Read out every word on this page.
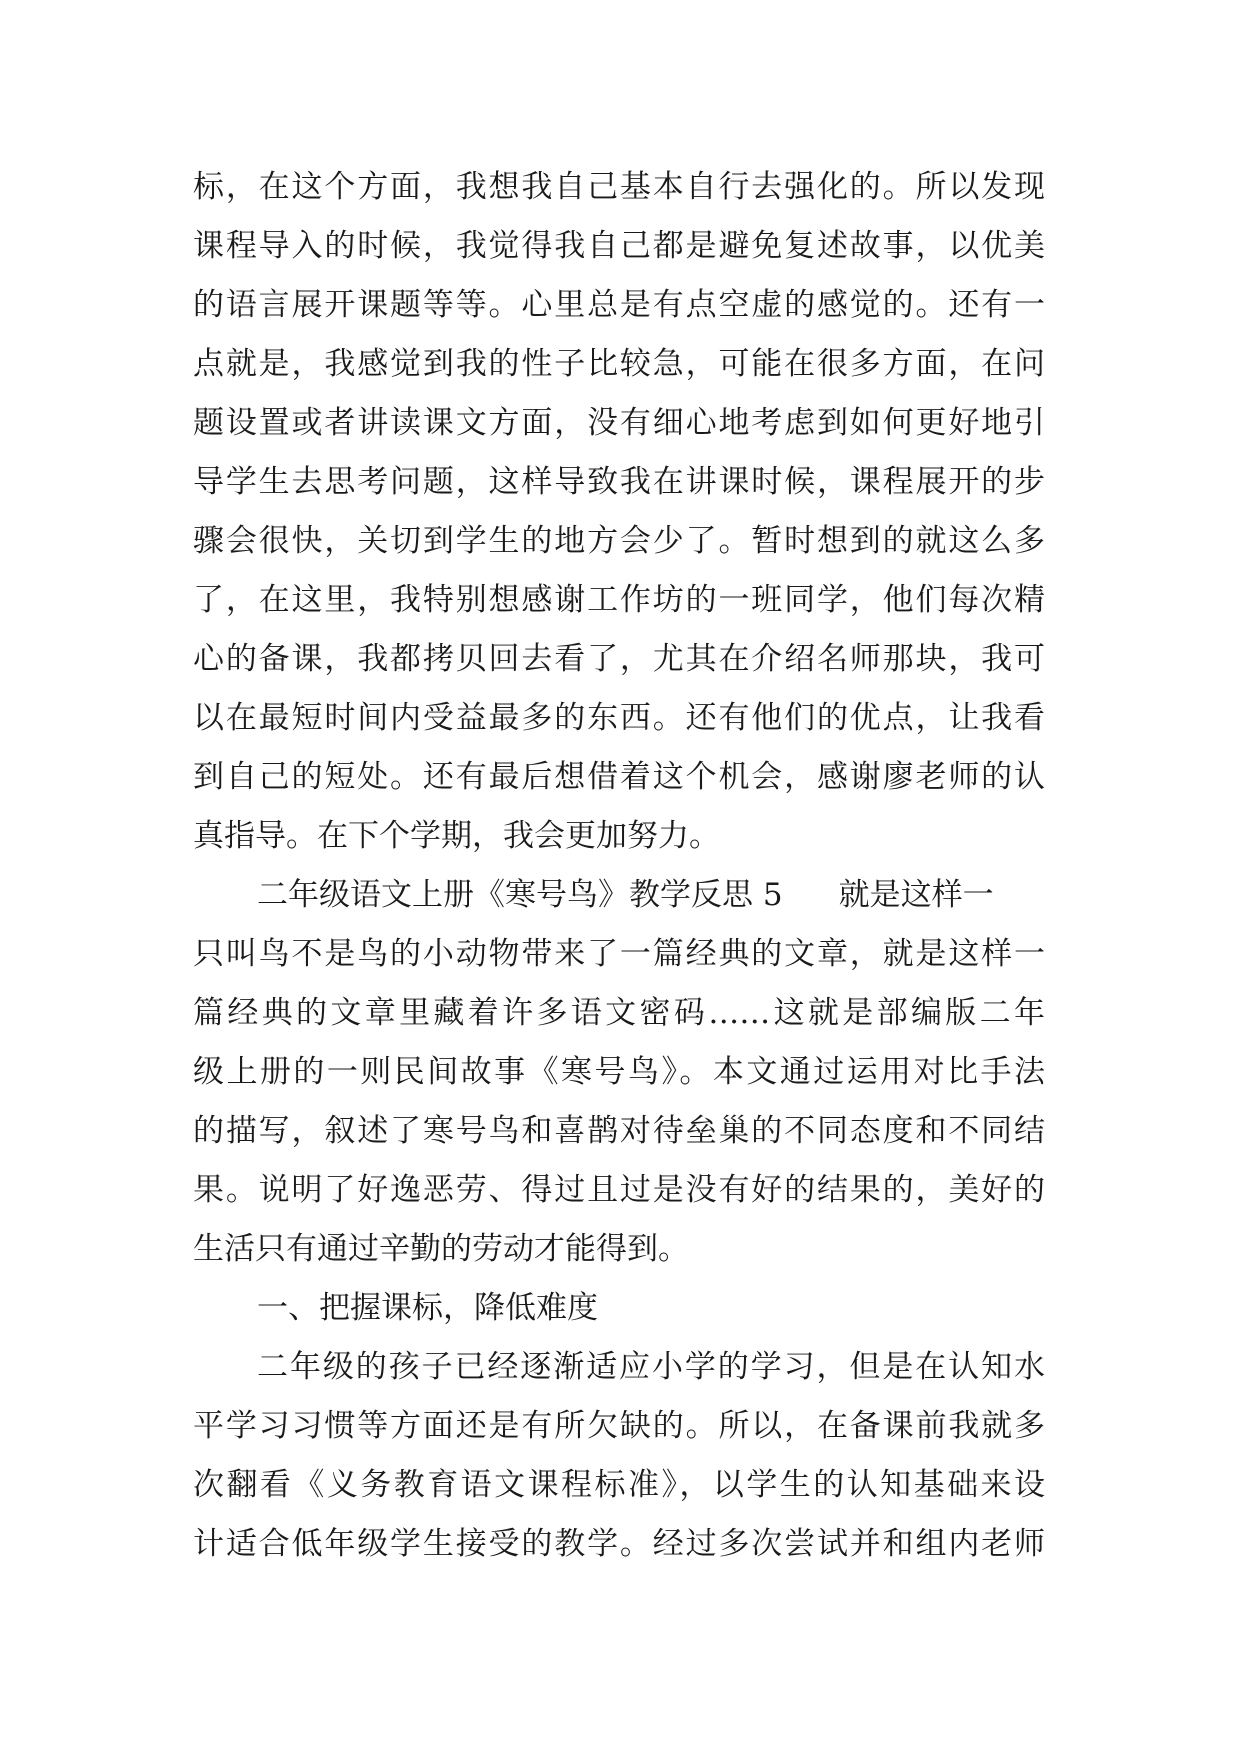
标，在这个方面，我想我自己基本自行去强化的。所以发现
课程导入的时候，我觉得我自己都是避免复述故事，以优美
的语言展开课题等等。心里总是有点空虚的感觉的。还有一
点就是，我感觉到我的性子比较急，可能在很多方面，在问
题设置或者讲读课文方面，没有细心地考虑到如何更好地引
导学生去思考问题，这样导致我在讲课时候，课程展开的步
骤会很快，关切到学生的地方会少了。暂时想到的就这么多
了，在这里，我特别想感谢工作坊的一班同学，他们每次精
心的备课，我都拷贝回去看了，尤其在介绍名师那块，我可
以在最短时间内受益最多的东西。还有他们的优点，让我看
到自己的短处。还有最后想借着这个机会，感谢廖老师的认
真指导。在下个学期，我会更加努力。
二年级语文上册《寒号鸟》教学反思 5 就是这样一
只叫鸟不是鸟的小动物带来了一篇经典的文章，就是这样一
篇经典的文章里藏着许多语文密码……这就是部编版二年
级上册的一则民间故事《寒号鸟》。本文通过运用对比手法
的描写，叙述了寒号鸟和喜鹊对待垒巢的不同态度和不同结
果。说明了好逸恶劳、得过且过是没有好的结果的，美好的
生活只有通过辛勤的劳动才能得到。
一、把握课标，降低难度
二年级的孩子已经逐渐适应小学的学习，但是在认知水
平学习习惯等方面还是有所欠缺的。所以，在备课前我就多
次翻看《义务教育语文课程标准》，以学生的认知基础来设
计适合低年级学生接受的教学。经过多次尝试并和组内老师
